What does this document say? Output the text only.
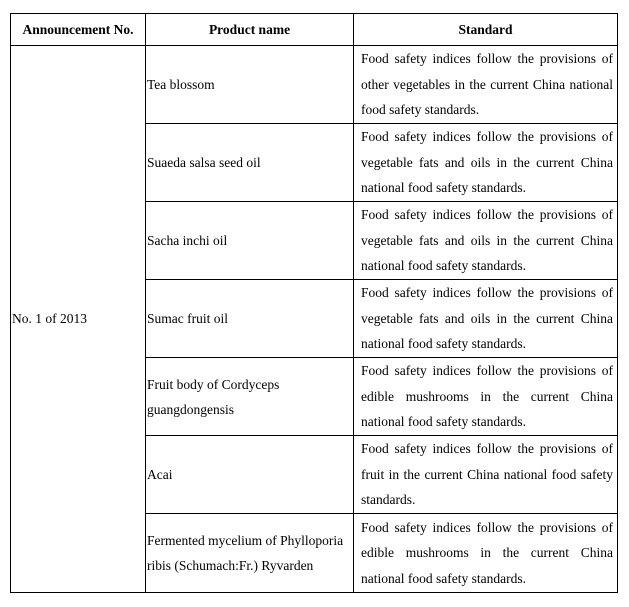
Announcement No.	Product name	Standard
No. 1 of 2013	Tea blossom	Food safety indices follow the provisions of other vegetables in the current China national food safety standards.
	Suaeda salsa seed oil	Food safety indices follow the provisions of vegetable fats and oils in the current China national food safety standards.
	Sacha inchi oil	Food safety indices follow the provisions of vegetable fats and oils in the current China national food safety standards.
	Sumac fruit oil	Food safety indices follow the provisions of vegetable fats and oils in the current China national food safety standards.
	Fruit body of Cordyceps guangdongensis	Food safety indices follow the provisions of edible mushrooms in the current China national food safety standards.
	Acai	Food safety indices follow the provisions of fruit in the current China national food safety standards.
	Fermented mycelium of Phylloporia ribis (Schumach:Fr.) Ryvarden	Food safety indices follow the provisions of edible mushrooms in the current China national food safety standards.
